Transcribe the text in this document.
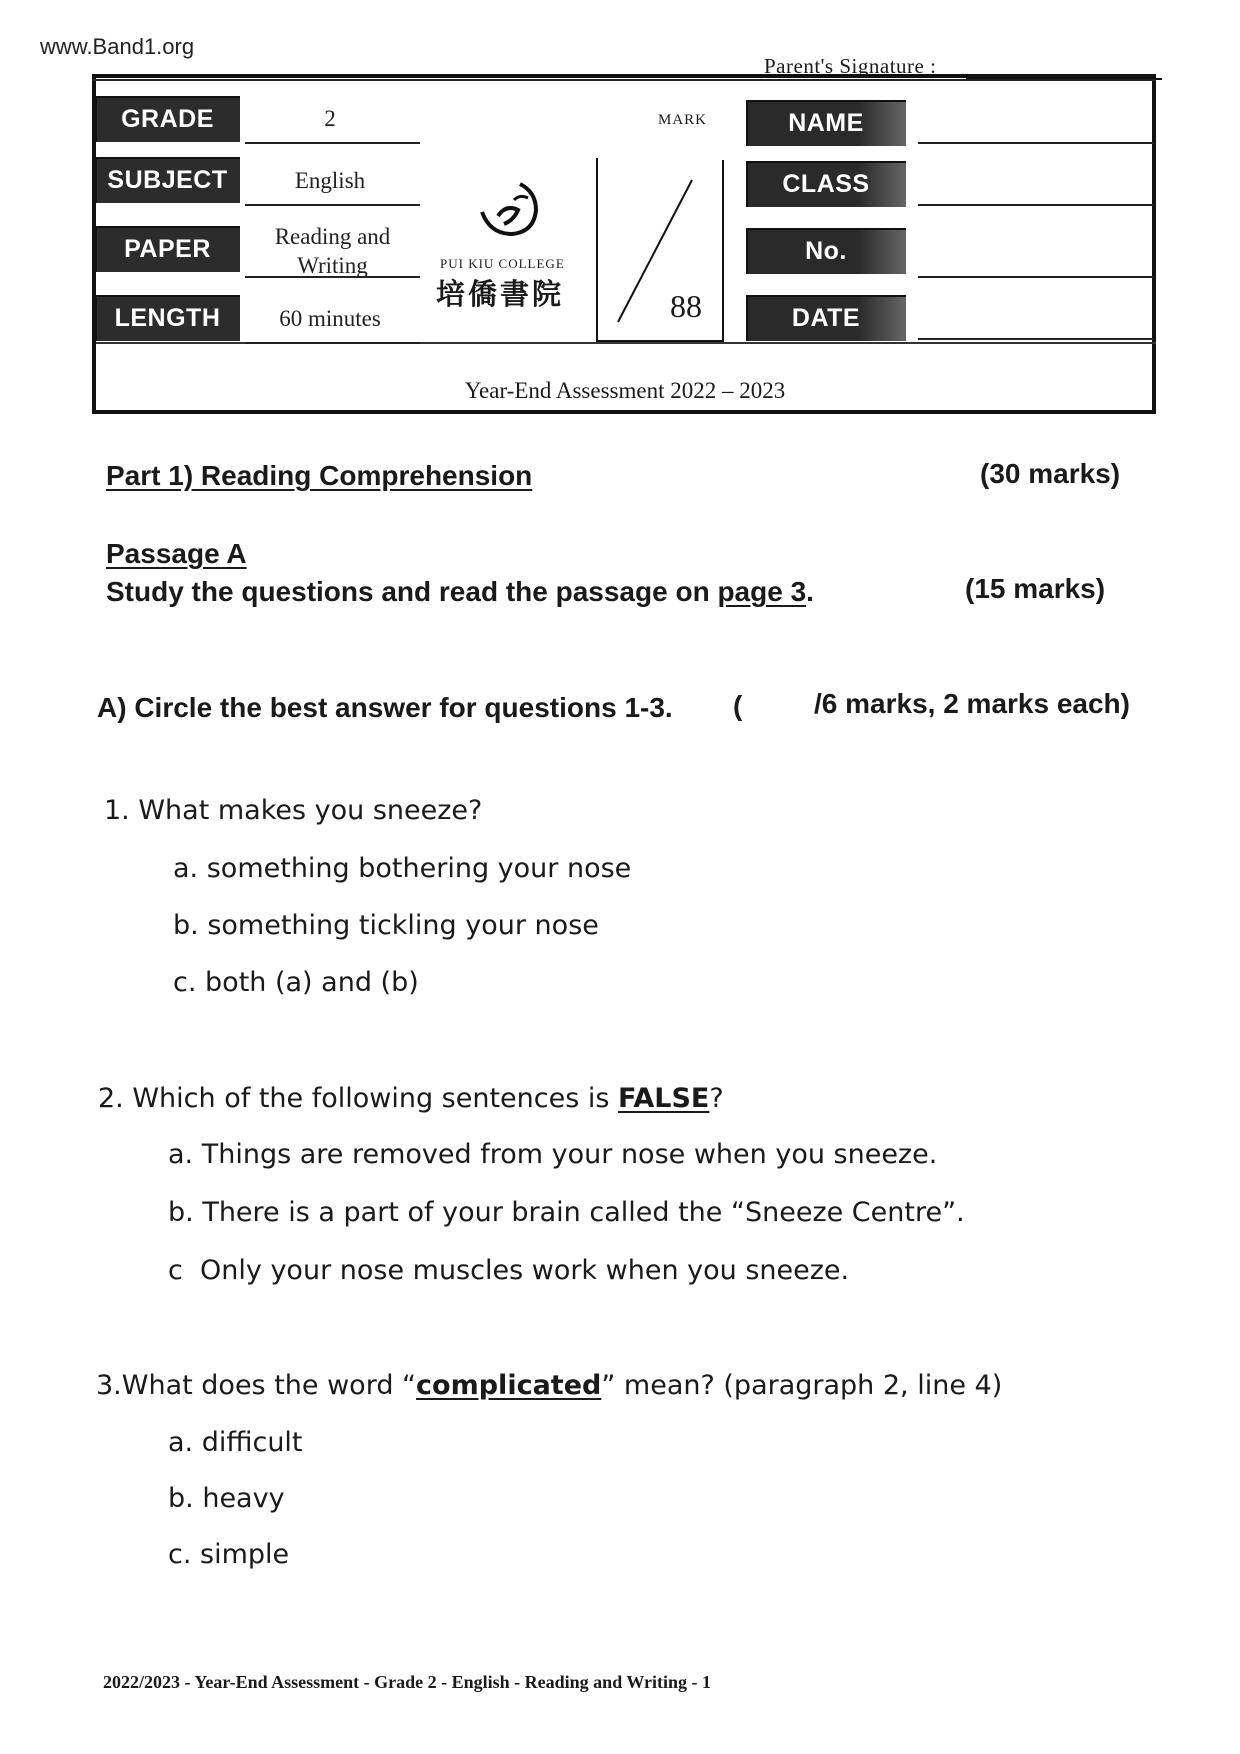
www.Band1.org
Parent's Signature :
GRADE	2
SUBJECT	English
PAPER	Reading and Writing
LENGTH	60 minutes
PUI KIU COLLEGE
培僑書院
MARK
88
NAME
CLASS
No.
DATE
Year-End Assessment 2022 – 2023
Part 1) Reading Comprehension	(30 marks)
Passage A
Study the questions and read the passage on page 3.	(15 marks)
A) Circle the best answer for questions 1-3. (	/6 marks, 2 marks each)
1. What makes you sneeze?
a. something bothering your nose
b. something tickling your nose
c. both (a) and (b)
2. Which of the following sentences is FALSE?
a. Things are removed from your nose when you sneeze.
b. There is a part of your brain called the “Sneeze Centre”.
c Only your nose muscles work when you sneeze.
3.What does the word “complicated” mean? (paragraph 2, line 4)
a. difficult
b. heavy
c. simple
2022/2023 - Year-End Assessment - Grade 2 - English - Reading and Writing - 1
